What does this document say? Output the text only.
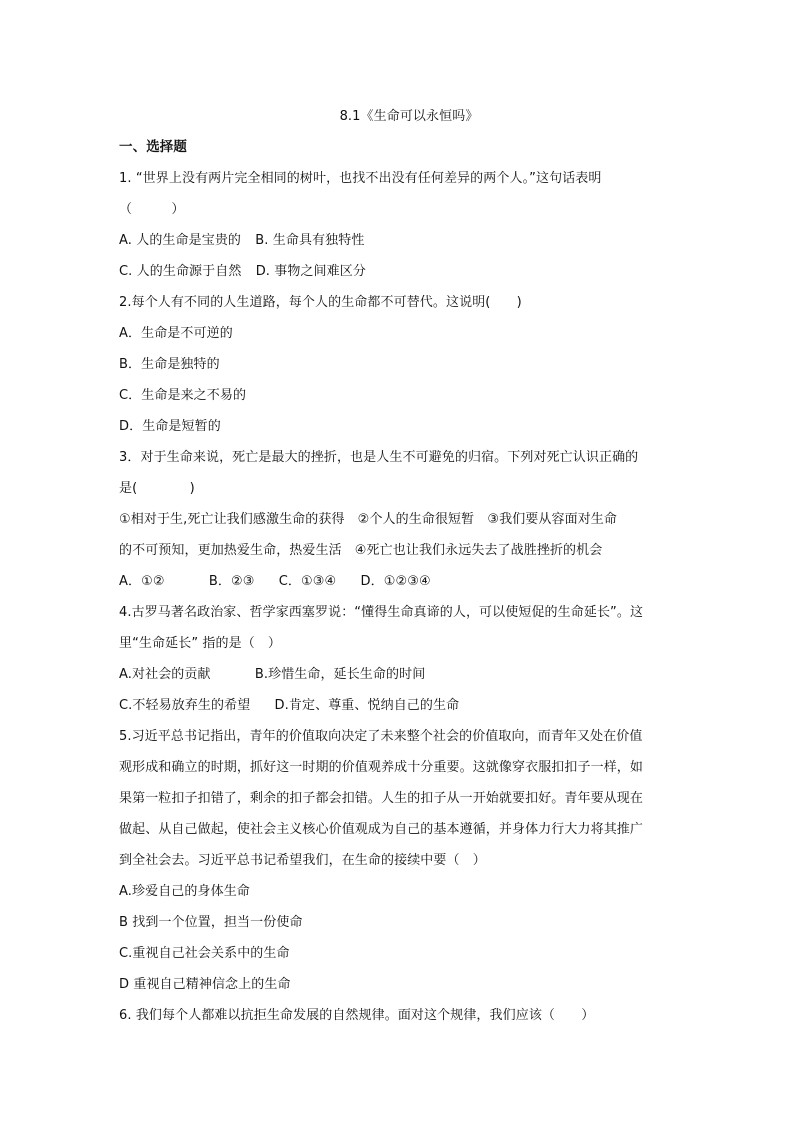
8.1《生命可以永恒吗》
一、选择题
1. “世界上没有两片完全相同的树叶，也找不出没有任何差异的两个人。”这句话表明
（　　　）
A. 人的生命是宝贵的 B. 生命具有独特性
C. 人的生命源于自然 D. 事物之间难区分
2.每个人有不同的人生道路，每个人的生命都不可替代。这说明(　　)
A．生命是不可逆的
B．生命是独特的
C．生命是来之不易的
D．生命是短暂的
3．对于生命来说，死亡是最大的挫折，也是人生不可避免的归宿。下列对死亡认识正确的
是(　　　　)
①相对于生,死亡让我们感激生命的获得　②个人的生命很短暂　③我们要从容面对生命
的不可预知，更加热爱生命，热爱生活　④死亡也让我们永远失去了战胜挫折的机会
A．①②	B．②③ C．①③④ D．①②③④
4.古罗马著名政治家、哲学家西塞罗说：“懂得生命真谛的人，可以使短促的生命延长”。这
里“生命延长” 指的是（　）
A.对社会的贡献	B.珍惜生命，延长生命的时间
C.不轻易放弃生的希望 D.肯定、尊重、悦纳自己的生命
5.习近平总书记指出，青年的价值取向决定了未来整个社会的价值取向，而青年又处在价值
观形成和确立的时期，抓好这一时期的价值观养成十分重要。这就像穿衣服扣扣子一样，如
果第一粒扣子扣错了，剩余的扣子都会扣错。人生的扣子从一开始就要扣好。青年要从现在
做起、从自己做起，使社会主义核心价值观成为自己的基本遵循，并身体力行大力将其推广
到全社会去。习近平总书记希望我们，在生命的接续中要（　）
A.珍爱自己的身体生命
B 找到一个位置，担当一份使命
C.重视自己社会关系中的生命
D 重视自己精神信念上的生命
6. 我们每个人都难以抗拒生命发展的自然规律。面对这个规律，我们应该（　　）
